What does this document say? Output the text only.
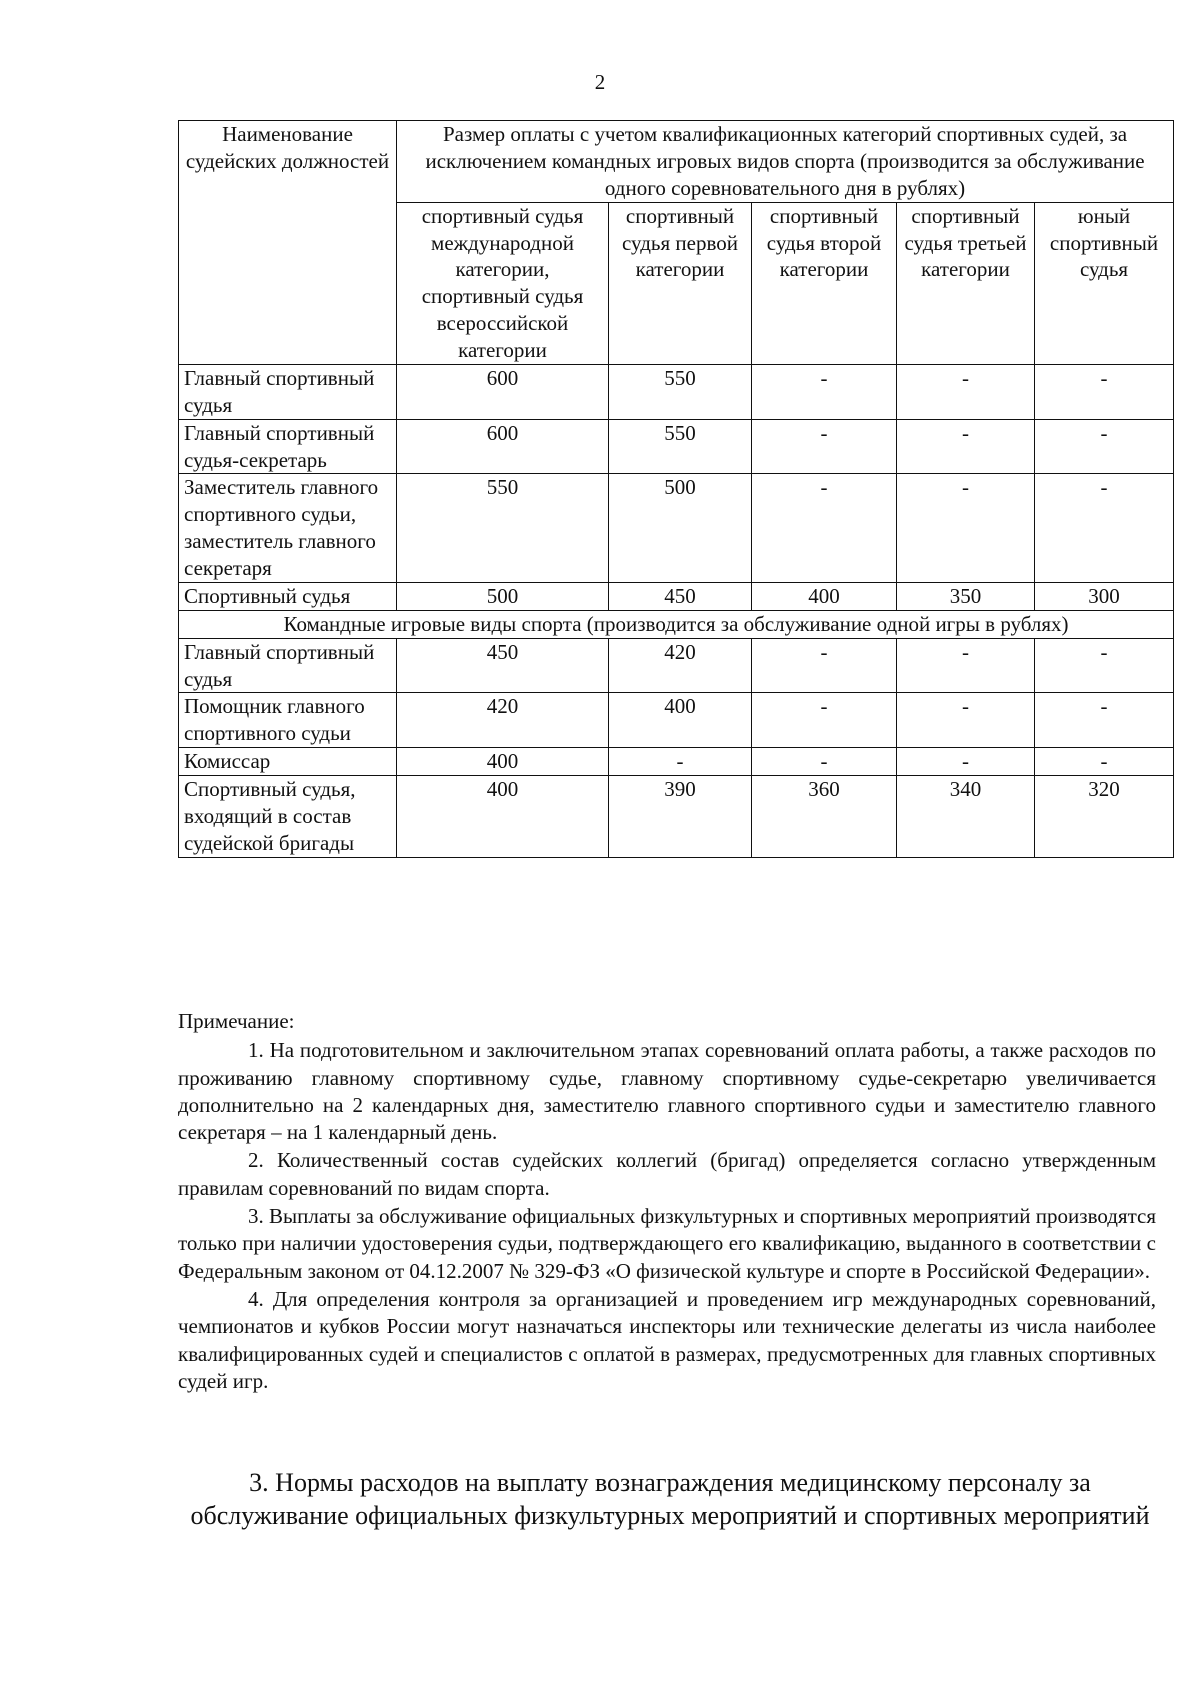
2
Наименование судейских должностей	Размер оплаты с учетом квалификационных категорий спортивных судей, за исключением командных игровых видов спорта (производится за обслуживание одного соревновательного дня в рублях)				
	спортивный судья международной категории, спортивный судья всероссийской категории	спортивный судья первой категории	спортивный судья второй категории	спортивный судья третьей категории	юный спортивный судья
Главный спортивный судья	600	550	-	-	-
Главный спортивный судья-секретарь	600	550	-	-	-
Заместитель главного спортивного судьи, заместитель главного секретаря	550	500	-	-	-
Спортивный судья	500	450	400	350	300
Командные игровые виды спорта (производится за обслуживание одной игры в рублях)					
Главный спортивный судья	450	420	-	-	-
Помощник главного спортивного судьи	420	400	-	-	-
Комиссар	400	-	-	-	-
Спортивный судья, входящий в состав судейской бригады	400	390	360	340	320

Примечание:

1. На подготовительном и заключительном этапах соревнований оплата работы, а также расходов по проживанию главному спортивному судье, главному спортивному судье-секретарю увеличивается дополнительно на 2 календарных дня, заместителю главного спортивного судьи и заместителю главного секретаря – на 1 календарный день.

2. Количественный состав судейских коллегий (бригад) определяется согласно утвержденным правилам соревнований по видам спорта.

3. Выплаты за обслуживание официальных физкультурных и спортивных мероприятий производятся только при наличии удостоверения судьи, подтверждающего его квалификацию, выданного в соответствии с Федеральным законом от 04.12.2007 № 329-ФЗ «О физической культуре и спорте в Российской Федерации».

4. Для определения контроля за организацией и проведением игр международных соревнований, чемпионатов и кубков России могут назначаться инспекторы или технические делегаты из числа наиболее квалифицированных судей и специалистов с оплатой в размерах, предусмотренных для главных спортивных судей игр.

3. Нормы расходов на выплату вознаграждения медицинскому персоналу за обслуживание официальных физкультурных мероприятий и спортивных мероприятий
